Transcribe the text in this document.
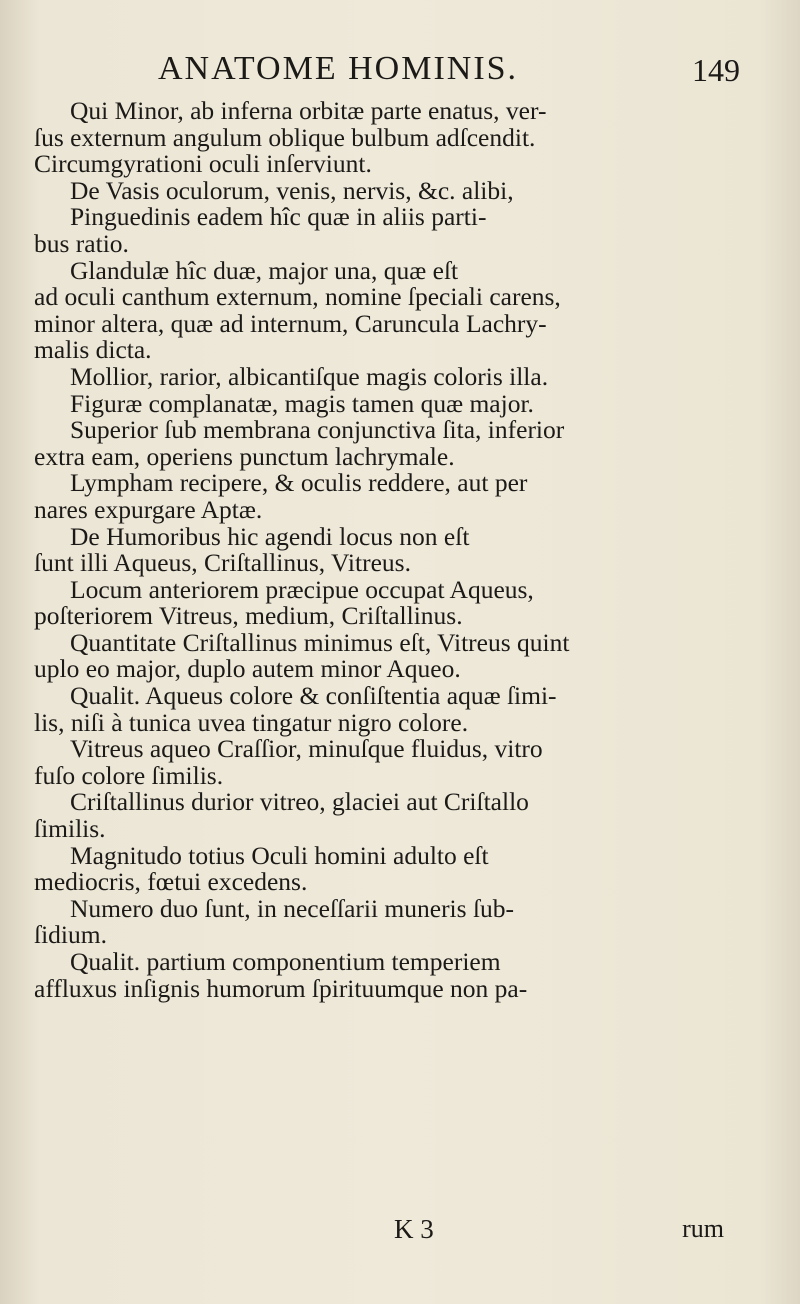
ANATOME HOMINIS.	149
Qui Minor, ab inferna orbitæ parte enatus, ver-
ſus externum angulum oblique bulbum adſcendit.
Circumgyrationi oculi inſerviunt.
De Vasis oculorum, venis, nervis, &c. alibi,
Pinguedinis eadem hîc quæ in aliis parti-
bus ratio.
Glandulæ hîc duæ, major una, quæ eſt
ad oculi canthum externum, nomine ſpeciali carens,
minor altera, quæ ad internum, Caruncula Lachry-
malis dicta.
Mollior, rarior, albicantiſque magis coloris illa.
Figuræ complanatæ, magis tamen quæ major.
Superior ſub membrana conjunctiva ſita, inferior
extra eam, operiens punctum lachrymale.
Lympham recipere, & oculis reddere, aut per
nares expurgare Aptæ.
De Humoribus hic agendi locus non eſt
ſunt illi Aqueus, Criſtallinus, Vitreus.
Locum anteriorem præcipue occupat Aqueus,
poſteriorem Vitreus, medium, Criſtallinus.
Quantitate Criſtallinus minimus eſt, Vitreus quint
uplo eo major, duplo autem minor Aqueo.
Qualit. Aqueus colore & conſiſtentia aquæ ſimi-
lis, niſi à tunica uvea tingatur nigro colore.
Vitreus aqueo Craſſior, minuſque fluidus, vitro
fuſo colore ſimilis.
Criſtallinus durior vitreo, glaciei aut Criſtallo
ſimilis.
Magnitudo totius Oculi homini adulto eſt
mediocris, fœtui excedens.
Numero duo ſunt, in neceſſarii muneris ſub-
ſidium.
Qualit. partium componentium temperiem
affluxus inſignis humorum ſpirituumque non pa-
K 3	rum
